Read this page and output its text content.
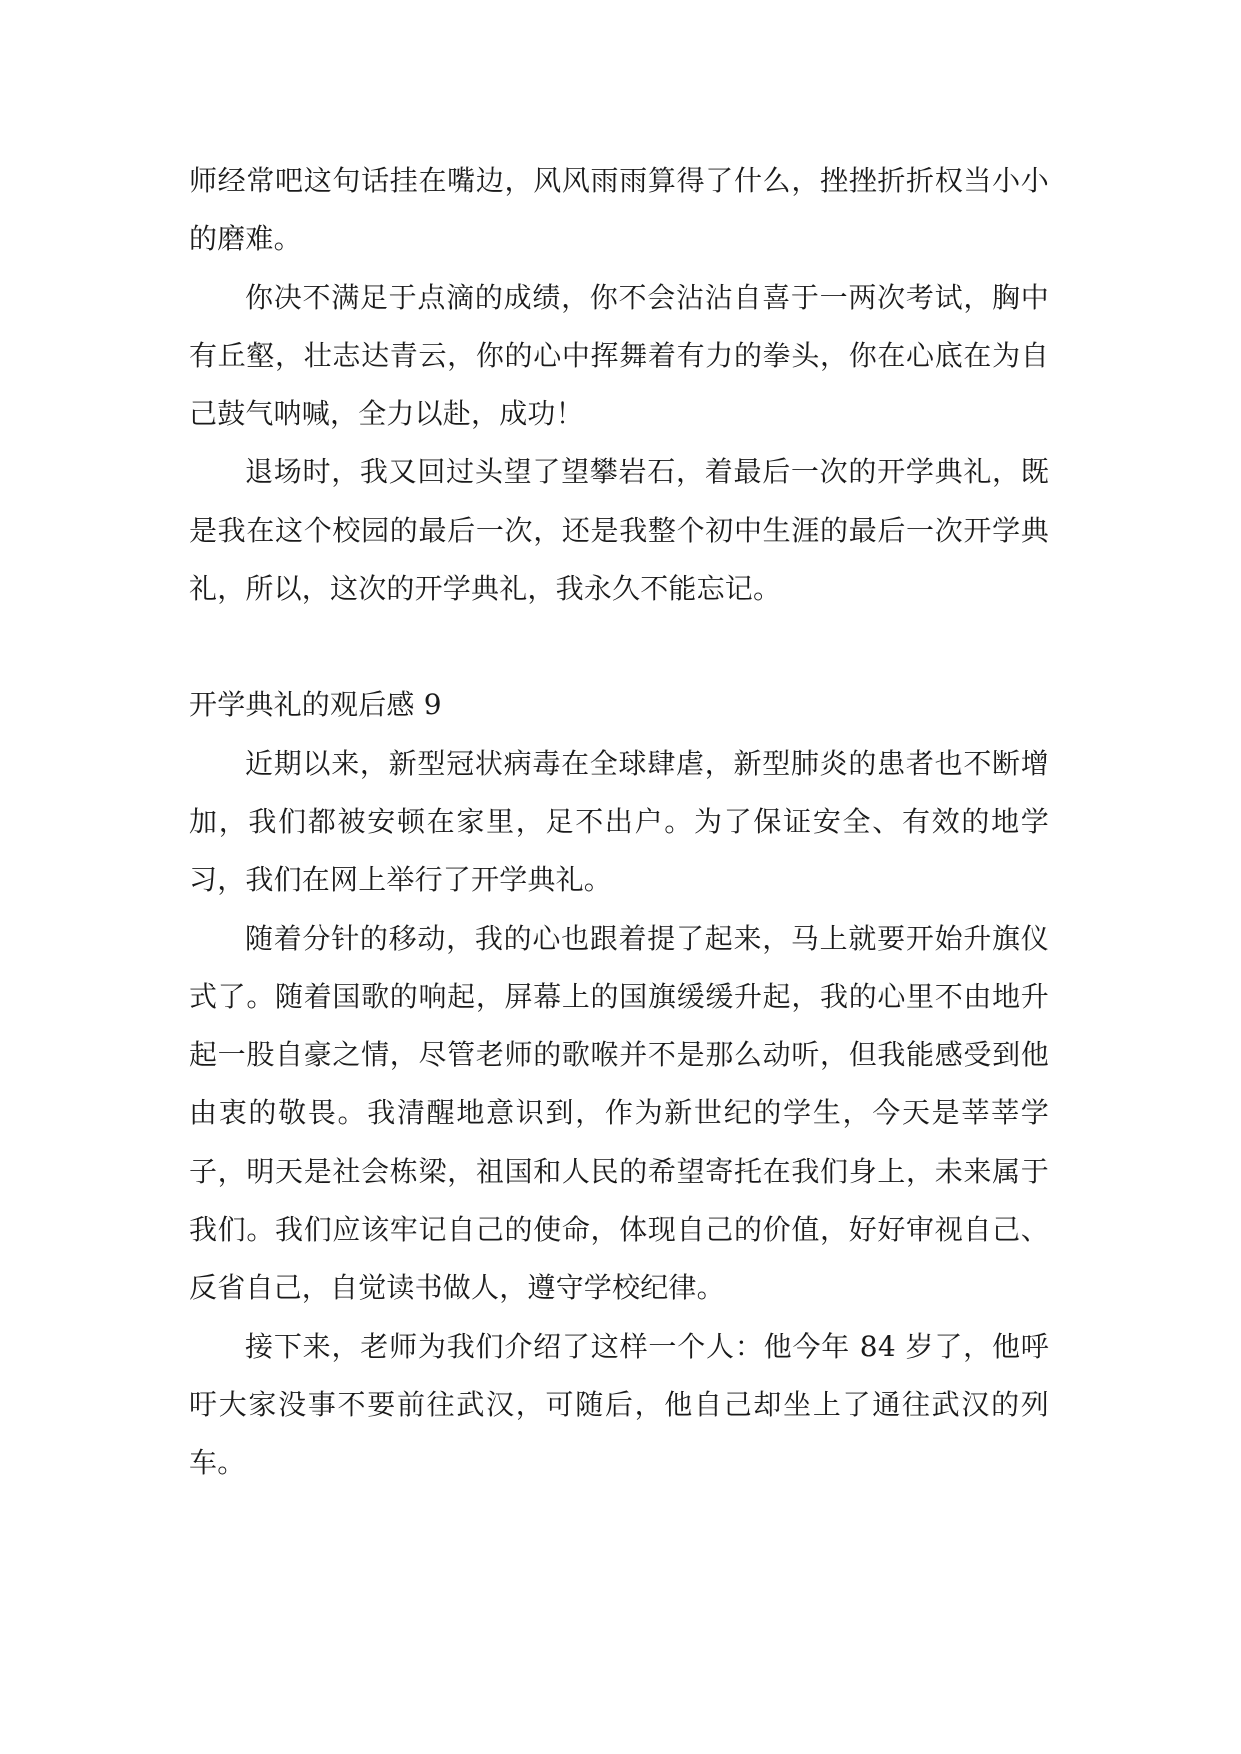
师经常吧这句话挂在嘴边，风风雨雨算得了什么，挫挫折折权当小小的磨难。

你决不满足于点滴的成绩，你不会沾沾自喜于一两次考试，胸中有丘壑，壮志达青云，你的心中挥舞着有力的拳头，你在心底在为自己鼓气呐喊，全力以赴，成功！

退场时，我又回过头望了望攀岩石，着最后一次的开学典礼，既是我在这个校园的最后一次，还是我整个初中生涯的最后一次开学典礼，所以，这次的开学典礼，我永久不能忘记。

开学典礼的观后感 9

近期以来，新型冠状病毒在全球肆虐，新型肺炎的患者也不断增加，我们都被安顿在家里，足不出户。为了保证安全、有效的地学习，我们在网上举行了开学典礼。

随着分针的移动，我的心也跟着提了起来，马上就要开始升旗仪式了。随着国歌的响起，屏幕上的国旗缓缓升起，我的心里不由地升起一股自豪之情，尽管老师的歌喉并不是那么动听，但我能感受到他由衷的敬畏。我清醒地意识到，作为新世纪的学生，今天是莘莘学子，明天是社会栋梁，祖国和人民的希望寄托在我们身上，未来属于我们。我们应该牢记自己的使命，体现自己的价值，好好审视自己、反省自己，自觉读书做人，遵守学校纪律。

接下来，老师为我们介绍了这样一个人：他今年 84 岁了，他呼吁大家没事不要前往武汉，可随后，他自己却坐上了通往武汉的列车。
